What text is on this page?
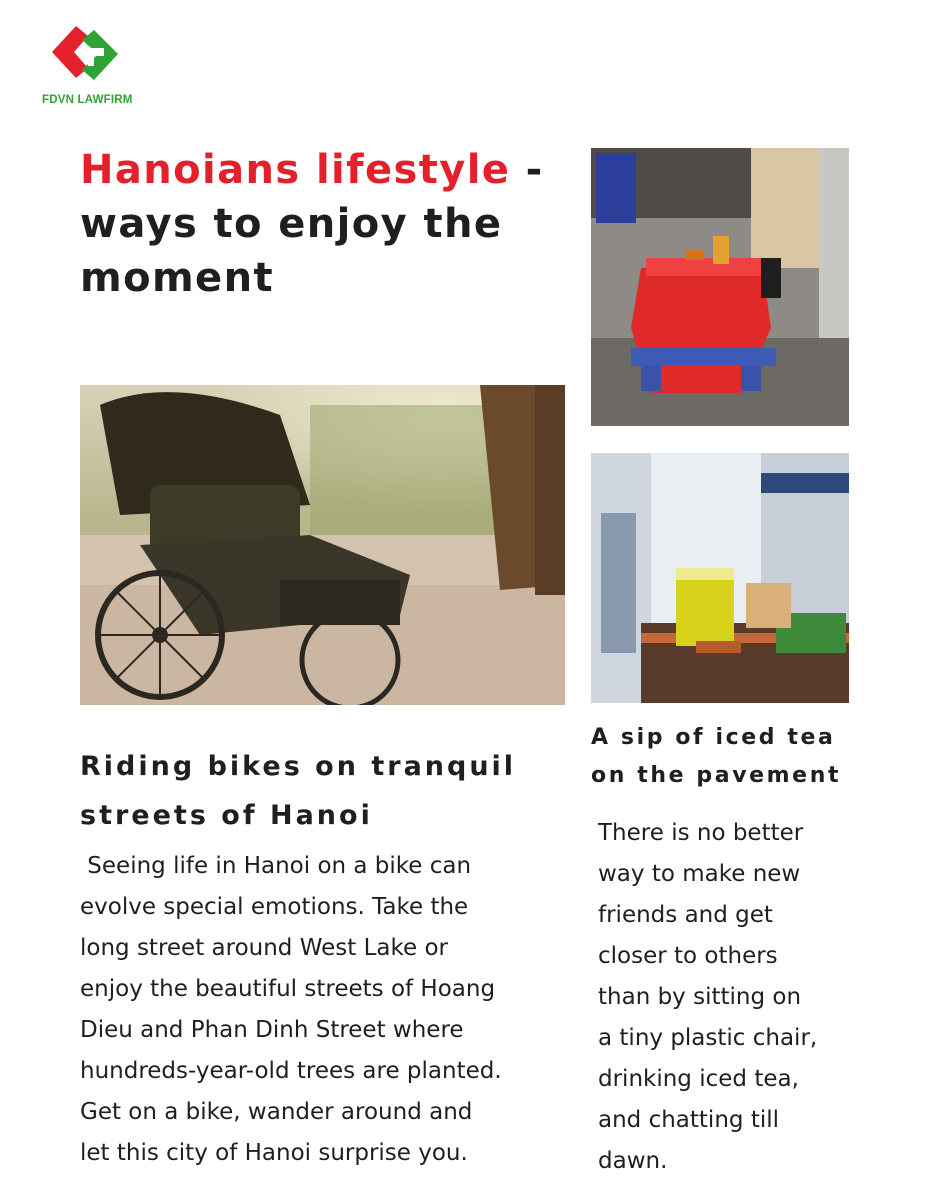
FDVN LAWFIRM
Hanoians lifestyle - ways to enjoy the moment
Riding bikes on tranquil
streets of Hanoi
Seeing life in Hanoi on a bike can
evolve special emotions. Take the
long street around West Lake or
enjoy the beautiful streets of Hoang
Dieu and Phan Dinh Street where
hundreds-year-old trees are planted.
Get on a bike, wander around and
let this city of Hanoi surprise you.
A sip of iced tea
on the pavement
There is no better
way to make new
friends and get
closer to others
than by sitting on
a tiny plastic chair,
drinking iced tea,
and chatting till
dawn.
